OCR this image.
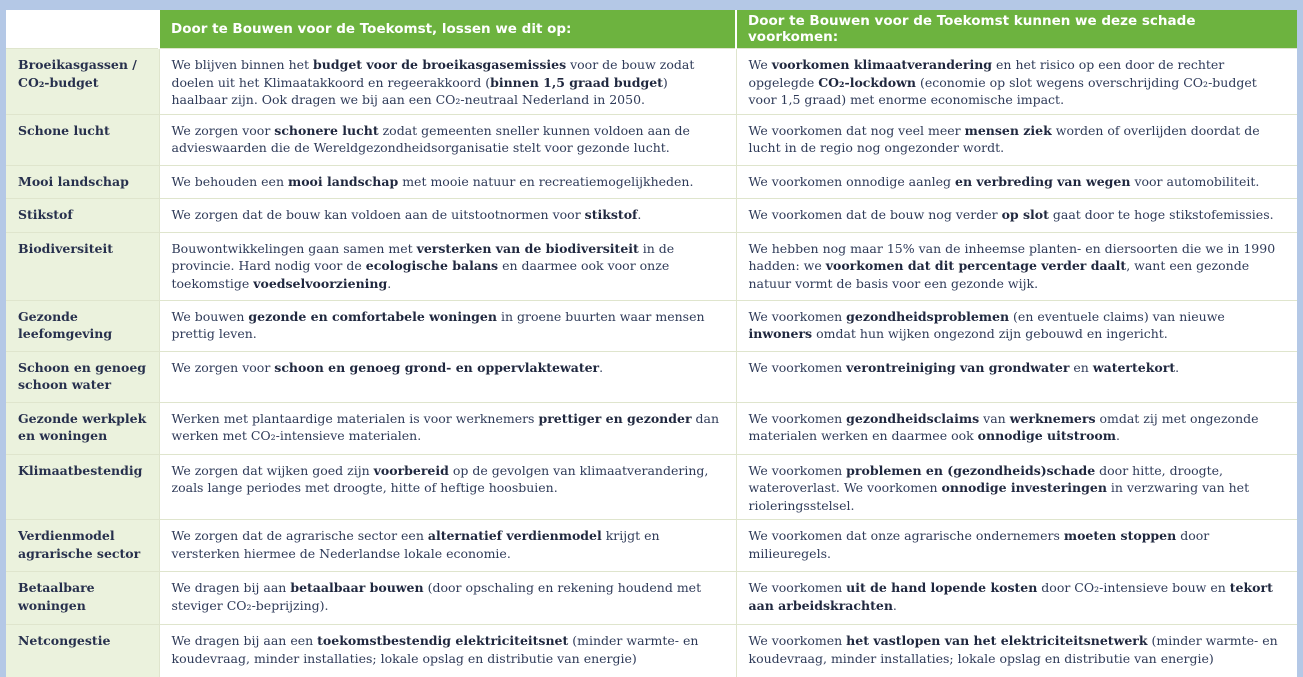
	Door te Bouwen voor de Toekomst, lossen we dit op:	Door te Bouwen voor de Toekomst kunnen we deze schade voorkomen:
Broeikasgassen / CO₂-budget	We blijven binnen het budget voor de broeikasgasemissies voor de bouw zodat doelen uit het Klimaatakkoord en regeerakkoord (binnen 1,5 graad budget) haalbaar zijn. Ook dragen we bij aan een CO₂-neutraal Nederland in 2050.	We voorkomen klimaatverandering en het risico op een door de rechter opgelegde CO₂-lockdown (economie op slot wegens overschrijding CO₂-budget voor 1,5 graad) met enorme economische impact.
Schone lucht	We zorgen voor schonere lucht zodat gemeenten sneller kunnen voldoen aan de advieswaarden die de Wereldgezondheidsorganisatie stelt voor gezonde lucht.	We voorkomen dat nog veel meer mensen ziek worden of overlijden doordat de lucht in de regio nog ongezonder wordt.
Mooi landschap	We behouden een mooi landschap met mooie natuur en recreatiemogelijkheden.	We voorkomen onnodige aanleg en verbreding van wegen voor automobiliteit.
Stikstof	We zorgen dat de bouw kan voldoen aan de uitstootnormen voor stikstof.	We voorkomen dat de bouw nog verder op slot gaat door te hoge stikstofemissies.
Biodiversiteit	Bouwontwikkelingen gaan samen met versterken van de biodiversiteit in de provincie. Hard nodig voor de ecologische balans en daarmee ook voor onze toekomstige voedselvoorziening.	We hebben nog maar 15% van de inheemse planten- en diersoorten die we in 1990 hadden: we voorkomen dat dit percentage verder daalt, want een gezonde natuur vormt de basis voor een gezonde wijk.
Gezonde leefomgeving	We bouwen gezonde en comfortabele woningen in groene buurten waar mensen prettig leven.	We voorkomen gezondheidsproblemen (en eventuele claims) van nieuwe inwoners omdat hun wijken ongezond zijn gebouwd en ingericht.
Schoon en genoeg schoon water	We zorgen voor schoon en genoeg grond- en oppervlaktewater.	We voorkomen verontreiniging van grondwater en watertekort.
Gezonde werkplek en woningen	Werken met plantaardige materialen is voor werknemers prettiger en gezonder dan werken met CO₂-intensieve materialen.	We voorkomen gezondheidsclaims van werknemers omdat zij met ongezonde materialen werken en daarmee ook onnodige uitstroom.
Klimaatbestendig	We zorgen dat wijken goed zijn voorbereid op de gevolgen van klimaatverandering, zoals lange periodes met droogte, hitte of heftige hoosbuien.	We voorkomen problemen en (gezondheids)schade door hitte, droogte, wateroverlast. We voorkomen onnodige investeringen in verzwaring van het rioleringsstelsel.
Verdienmodel agrarische sector	We zorgen dat de agrarische sector een alternatief verdienmodel krijgt en versterken hiermee de Nederlandse lokale economie.	We voorkomen dat onze agrarische ondernemers moeten stoppen door milieuregels.
Betaalbare woningen	We dragen bij aan betaalbaar bouwen (door opschaling en rekening houdend met steviger CO₂-beprijzing).	We voorkomen uit de hand lopende kosten door CO₂-intensieve bouw en tekort aan arbeidskrachten.
Netcongestie	We dragen bij aan een toekomstbestendig elektriciteitsnet (minder warmte- en koudevraag, minder installaties; lokale opslag en distributie van energie)	We voorkomen het vastlopen van het elektriciteitsnetwerk (minder warmte- en koudevraag, minder installaties; lokale opslag en distributie van energie)
